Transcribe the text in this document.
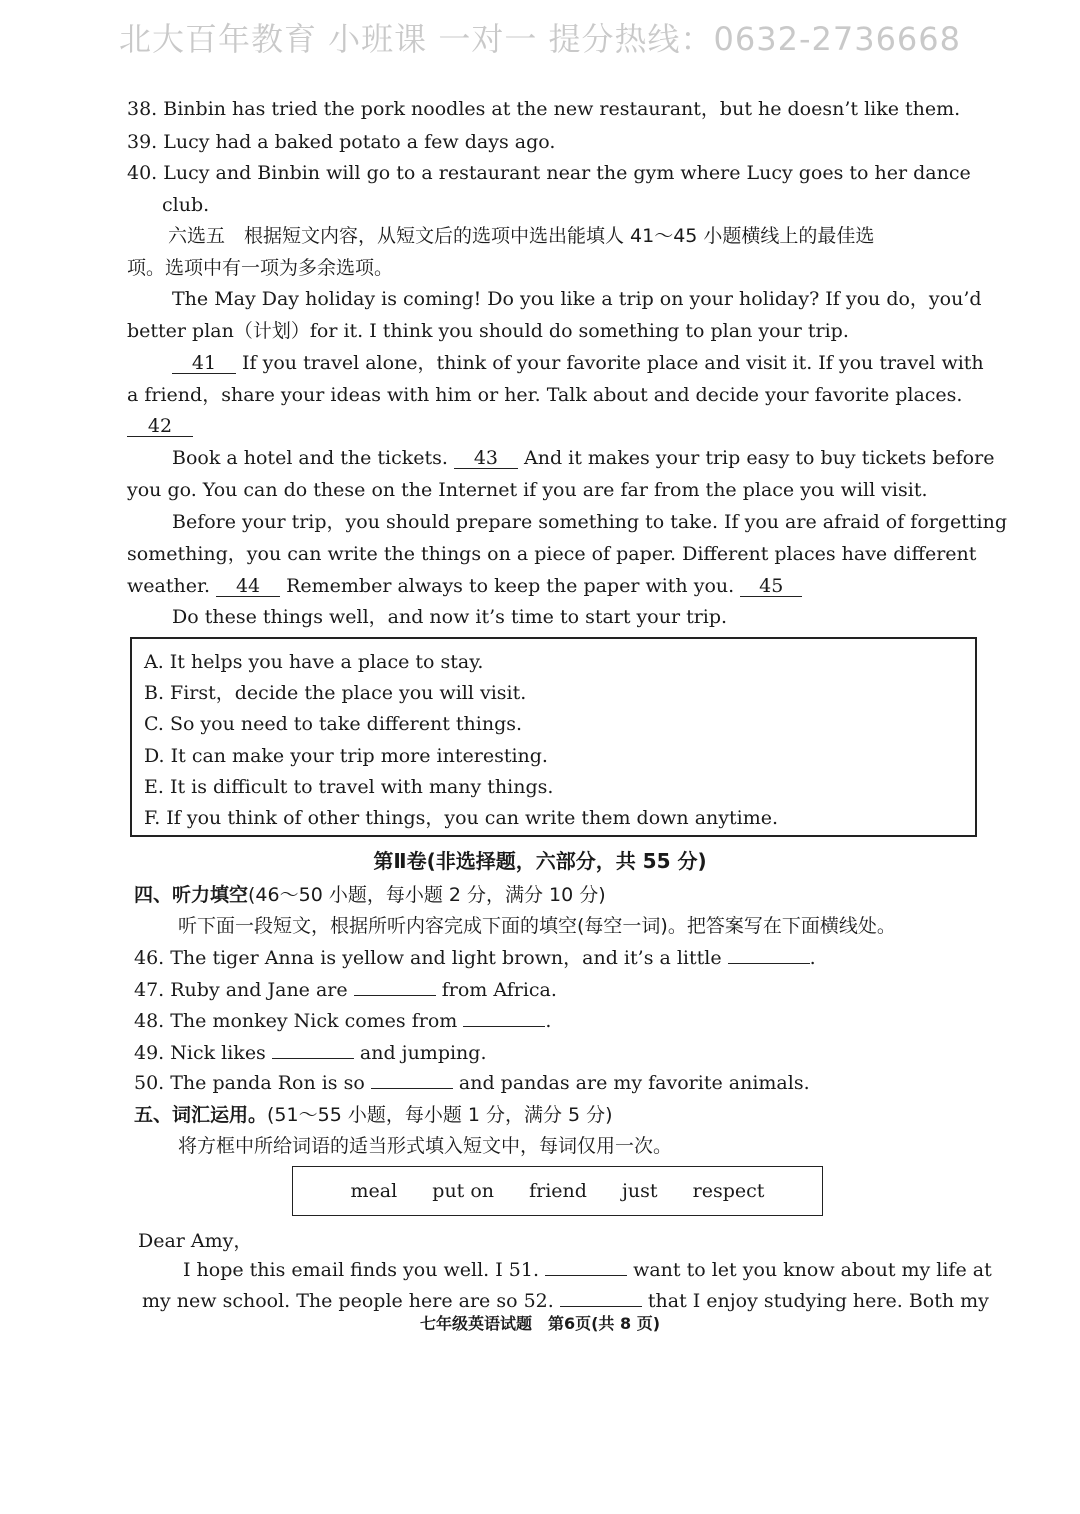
北大百年教育 小班课 一对一 提分热线：0632-2736668
38. Binbin has tried the pork noodles at the new restaurant，but he doesn’t like them.
39. Lucy had a baked potato a few days ago.
40. Lucy and Binbin will go to a restaurant near the gym where Lucy goes to her dance
club.
六选五　根据短文内容，从短文后的选项中选出能填人 41～45 小题横线上的最佳选
项。选项中有一项为多余选项。
The May Day holiday is coming! Do you like a trip on your holiday? If you do，you’d
better plan（计划）for it. I think you should do something to plan your trip.
41 If you travel alone，think of your favorite place and visit it. If you travel with
a friend，share your ideas with him or her. Talk about and decide your favorite places.
42
Book a hotel and the tickets. 43 And it makes your trip easy to buy tickets before
you go. You can do these on the Internet if you are far from the place you will visit.
Before your trip，you should prepare something to take. If you are afraid of forgetting
something，you can write the things on a piece of paper. Different places have different
weather. 44 Remember always to keep the paper with you. 45
Do these things well，and now it’s time to start your trip.
A. It helps you have a place to stay.
B. First，decide the place you will visit.
C. So you need to take different things.
D. It can make your trip more interesting.
E. It is difficult to travel with many things.
F. If you think of other things，you can write them down anytime.
第Ⅱ卷(非选择题，六部分，共 55 分)
四、听力填空(46～50 小题，每小题 2 分，满分 10 分)
听下面一段短文，根据所听内容完成下面的填空(每空一词)。把答案写在下面横线处。
46. The tiger Anna is yellow and light brown，and it’s a little	.
47. Ruby and Jane are	from Africa.
48. The monkey Nick comes from	.
49. Nick likes	and jumping.
50. The panda Ron is so	and pandas are my favorite animals.
五、词汇运用。(51～55 小题，每小题 1 分，满分 5 分)
将方框中所给词语的适当形式填入短文中，每词仅用一次。
meal put on friend just respect
Dear Amy，
I hope this email finds you well. I 51.	want to let you know about my life at
my new school. The people here are so 52.	that I enjoy studying here. Both my
七年级英语试题　第6页(共 8 页)
